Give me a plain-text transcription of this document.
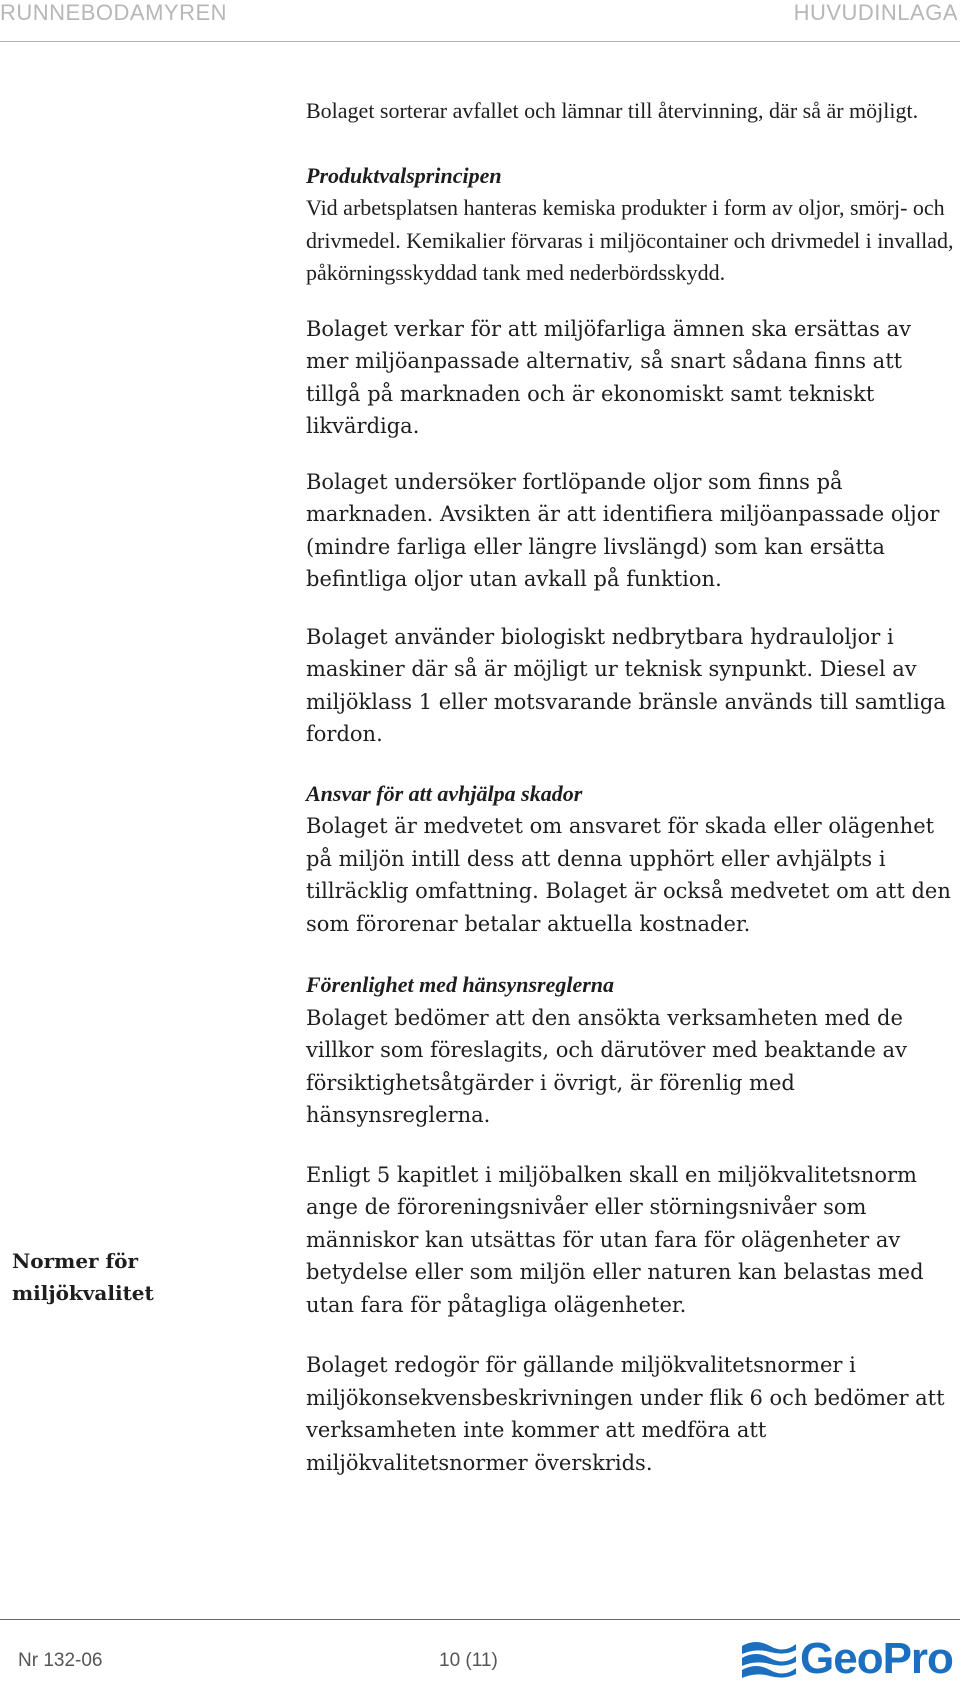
RUNNEBODAMYREN	HUVUDINLAGA

Bolaget sorterar avfallet och lämnar till återvinning, där så är möjligt.

Produktvalsprincipen

Vid arbetsplatsen hanteras kemiska produkter i form av oljor, smörj- och drivmedel. Kemikalier förvaras i miljöcontainer och drivmedel i invallad, påkörningsskyddad tank med nederbördsskydd.

Bolaget verkar för att miljöfarliga ämnen ska ersättas av mer miljöanpassade alternativ, så snart sådana finns att tillgå på marknaden och är ekonomiskt samt tekniskt likvärdiga.

Bolaget undersöker fortlöpande oljor som finns på marknaden. Avsikten är att identifiera miljöanpassade oljor (mindre farliga eller längre livslängd) som kan ersätta befintliga oljor utan avkall på funktion.

Bolaget använder biologiskt nedbrytbara hydrauloljor i maskiner där så är möjligt ur teknisk synpunkt. Diesel av miljöklass 1 eller motsvarande bränsle används till samtliga fordon.

Ansvar för att avhjälpa skador

Bolaget är medvetet om ansvaret för skada eller olägenhet på miljön intill dess att denna upphört eller avhjälpts i tillräcklig omfattning. Bolaget är också medvetet om att den som förorenar betalar aktuella kostnader.

Förenlighet med hänsynsreglerna

Bolaget bedömer att den ansökta verksamheten med de villkor som föreslagits, och därutöver med beaktande av försiktighetsåtgärder i övrigt, är förenlig med hänsynsreglerna.

Enligt 5 kapitlet i miljöbalken skall en miljökvalitetsnorm ange de föroreningsnivåer eller störningsnivåer som människor kan utsättas för utan fara för olägenheter av betydelse eller som miljön eller naturen kan belastas med utan fara för påtagliga olägenheter.

Bolaget redogör för gällande miljökvalitetsnormer i miljökonsekvensbeskrivningen under flik 6 och bedömer att verksamheten inte kommer att medföra att miljökvalitetsnormer överskrids.

Normer för miljökvalitet
Nr 132-06	10 (11)	GeoPro
